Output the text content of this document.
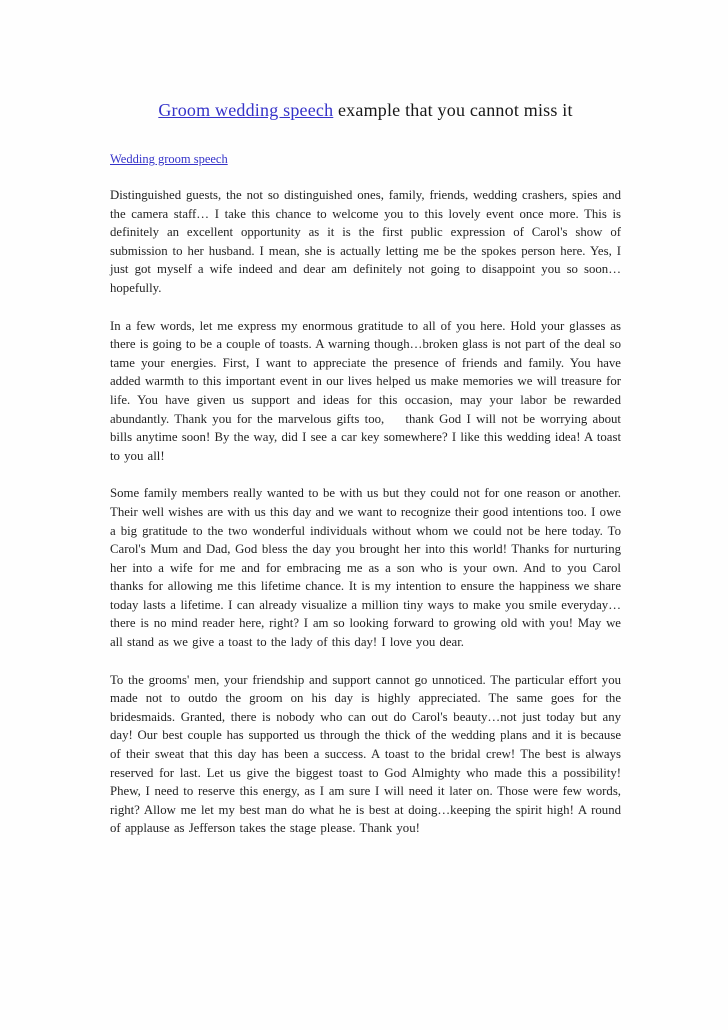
Groom wedding speech example that you cannot miss it
Wedding groom speech

Distinguished guests, the not so distinguished ones, family, friends, wedding crashers, spies and the camera staff… I take this chance to welcome you to this lovely event once more. This is definitely an excellent opportunity as it is the first public expression of Carol's show of submission to her husband. I mean, she is actually letting me be the spokes person here. Yes, I just got myself a wife indeed and dear am definitely not going to disappoint you so soon…hopefully.

In a few words, let me express my enormous gratitude to all of you here. Hold your glasses as there is going to be a couple of toasts. A warning though…broken glass is not part of the deal so tame your energies. First, I want to appreciate the presence of friends and family. You have added warmth to this important event in our lives helped us make memories we will treasure for life. You have given us support and ideas for this occasion, may your labor be rewarded abundantly. Thank you for the marvelous gifts too,    thank God I will not be worrying about bills anytime soon! By the way, did I see a car key somewhere? I like this wedding idea! A toast to you all!

Some family members really wanted to be with us but they could not for one reason or another. Their well wishes are with us this day and we want to recognize their good intentions too. I owe a big gratitude to the two wonderful individuals without whom we could not be here today. To Carol's Mum and Dad, God bless the day you brought her into this world! Thanks for nurturing her into a wife for me and for embracing me as a son who is your own. And to you Carol thanks for allowing me this lifetime chance. It is my intention to ensure the happiness we share today lasts a lifetime. I can already visualize a million tiny ways to make you smile everyday…there is no mind reader here, right? I am so looking forward to growing old with you! May we all stand as we give a toast to the lady of this day! I love you dear.

To the grooms' men, your friendship and support cannot go unnoticed. The particular effort you made not to outdo the groom on his day is highly appreciated. The same goes for the bridesmaids. Granted, there is nobody who can out do Carol's beauty…not just today but any day! Our best couple has supported us through the thick of the wedding plans and it is because of their sweat that this day has been a success. A toast to the bridal crew! The best is always reserved for last. Let us give the biggest toast to God Almighty who made this a possibility! Phew, I need to reserve this energy, as I am sure I will need it later on. Those were few words, right? Allow me let my best man do what he is best at doing…keeping the spirit high! A round of applause as Jefferson takes the stage please. Thank you!
